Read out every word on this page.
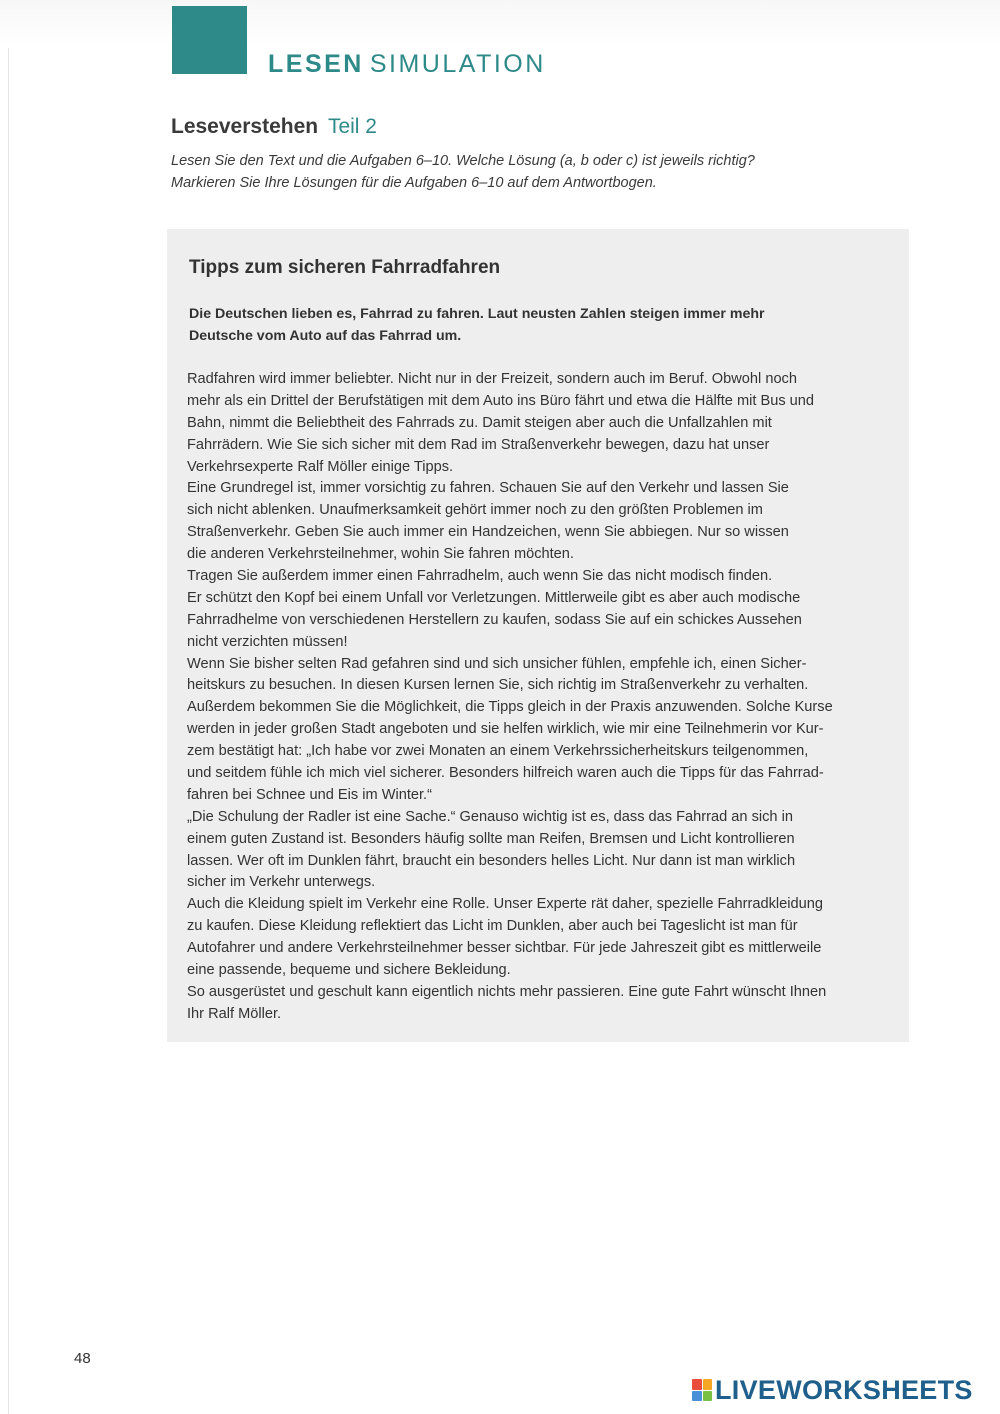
LESEN SIMULATION
Leseverstehen Teil 2
Lesen Sie den Text und die Aufgaben 6–10. Welche Lösung (a, b oder c) ist jeweils richtig?
Markieren Sie Ihre Lösungen für die Aufgaben 6–10 auf dem Antwortbogen.
Tipps zum sicheren Fahrradfahren
Die Deutschen lieben es, Fahrrad zu fahren. Laut neusten Zahlen steigen immer mehr
Deutsche vom Auto auf das Fahrrad um.
Radfahren wird immer beliebter. Nicht nur in der Freizeit, sondern auch im Beruf. Obwohl noch
mehr als ein Drittel der Berufstätigen mit dem Auto ins Büro fährt und etwa die Hälfte mit Bus und
Bahn, nimmt die Beliebtheit des Fahrrads zu. Damit steigen aber auch die Unfallzahlen mit
Fahrrädern. Wie Sie sich sicher mit dem Rad im Straßenverkehr bewegen, dazu hat unser
Verkehrsexperte Ralf Möller einige Tipps.
Eine Grundregel ist, immer vorsichtig zu fahren. Schauen Sie auf den Verkehr und lassen Sie
sich nicht ablenken. Unaufmerksamkeit gehört immer noch zu den größten Problemen im
Straßenverkehr. Geben Sie auch immer ein Handzeichen, wenn Sie abbiegen. Nur so wissen
die anderen Verkehrsteilnehmer, wohin Sie fahren möchten.
Tragen Sie außerdem immer einen Fahrradhelm, auch wenn Sie das nicht modisch finden.
Er schützt den Kopf bei einem Unfall vor Verletzungen. Mittlerweile gibt es aber auch modische
Fahrradhelme von verschiedenen Herstellern zu kaufen, sodass Sie auf ein schickes Aussehen
nicht verzichten müssen!
Wenn Sie bisher selten Rad gefahren sind und sich unsicher fühlen, empfehle ich, einen Sicher-
heitskurs zu besuchen. In diesen Kursen lernen Sie, sich richtig im Straßenverkehr zu verhalten.
Außerdem bekommen Sie die Möglichkeit, die Tipps gleich in der Praxis anzuwenden. Solche Kurse
werden in jeder großen Stadt angeboten und sie helfen wirklich, wie mir eine Teilnehmerin vor Kur-
zem bestätigt hat: „Ich habe vor zwei Monaten an einem Verkehrssicherheitskurs teilgenommen,
und seitdem fühle ich mich viel sicherer. Besonders hilfreich waren auch die Tipps für das Fahrrad-
fahren bei Schnee und Eis im Winter.“
„Die Schulung der Radler ist eine Sache.“ Genauso wichtig ist es, dass das Fahrrad an sich in
einem guten Zustand ist. Besonders häufig sollte man Reifen, Bremsen und Licht kontrollieren
lassen. Wer oft im Dunklen fährt, braucht ein besonders helles Licht. Nur dann ist man wirklich
sicher im Verkehr unterwegs.
Auch die Kleidung spielt im Verkehr eine Rolle. Unser Experte rät daher, spezielle Fahrradkleidung
zu kaufen. Diese Kleidung reflektiert das Licht im Dunklen, aber auch bei Tageslicht ist man für
Autofahrer und andere Verkehrsteilnehmer besser sichtbar. Für jede Jahreszeit gibt es mittlerweile
eine passende, bequeme und sichere Bekleidung.
So ausgerüstet und geschult kann eigentlich nichts mehr passieren. Eine gute Fahrt wünscht Ihnen
Ihr Ralf Möller.
48
LIVEWORKSHEETS
